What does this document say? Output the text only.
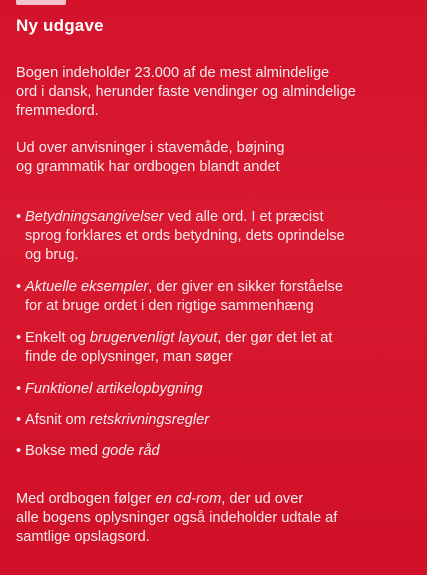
Ny udgave
Bogen indeholder 23.000 af de mest almindelige
ord i dansk, herunder faste vendinger og almindelige
fremmedord.
Ud over anvisninger i stavemåde, bøjning
og grammatik har ordbogen blandt andet
• Betydningsangivelser ved alle ord. I et præcist
sprog forklares et ords betydning, dets oprindelse
og brug.
• Aktuelle eksempler, der giver en sikker forståelse
for at bruge ordet i den rigtige sammenhæng
• Enkelt og brugervenligt layout, der gør det let at
finde de oplysninger, man søger
• Funktionel artikelopbygning
• Afsnit om retskrivningsregler
• Bokse med gode råd
Med ordbogen følger en cd-rom, der ud over
alle bogens oplysninger også indeholder udtale af
samtlige opslagsord.
